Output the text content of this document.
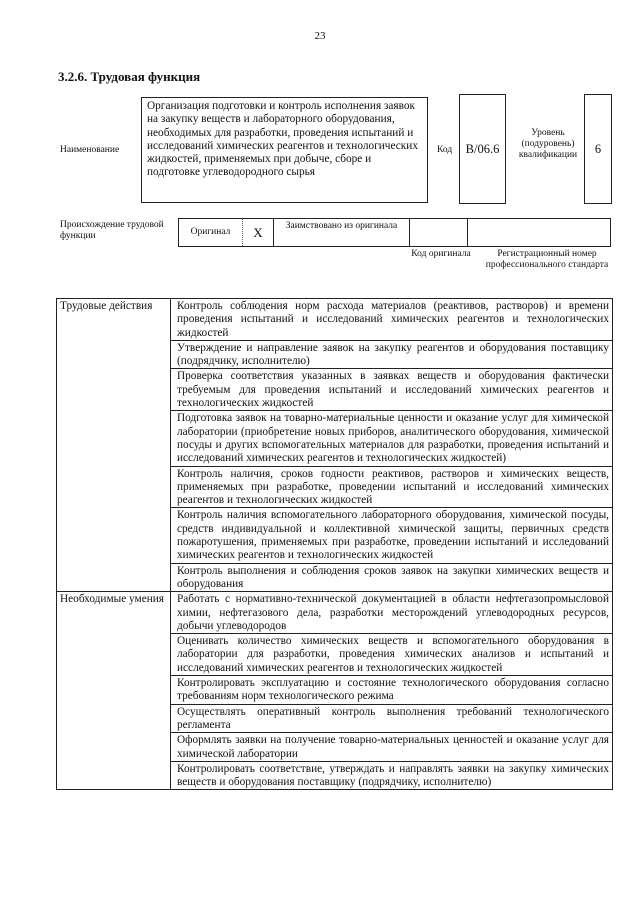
23
3.2.6. Трудовая функция
Наименование
Организация подготовки и контроль исполнения заявок на закупку веществ и лабораторного оборудования, необходимых для разработки, проведения испытаний и исследований химических реагентов и технологических жидкостей, применяемых при добыче, сборе и подготовке углеводородного сырья
Код	B/06.6
Уровень (подуровень) квалификации	6
Происхождение трудовой функции	Оригинал	X	Заимствовано из оригинала
Код оригинала	Регистрационный номер профессионального стандарта
Трудовые действия	Контроль соблюдения норм расхода материалов (реактивов, растворов) и времени проведения испытаний и исследований химических реагентов и технологических жидкостей
	Утверждение и направление заявок на закупку реагентов и оборудования поставщику (подрядчику, исполнителю)
	Проверка соответствия указанных в заявках веществ и оборудования фактически требуемым для проведения испытаний и исследований химических реагентов и технологических жидкостей
	Подготовка заявок на товарно-материальные ценности и оказание услуг для химической лаборатории (приобретение новых приборов, аналитического оборудования, химической посуды и других вспомогательных материалов для разработки, проведения испытаний и исследований химических реагентов и технологических жидкостей)
	Контроль наличия, сроков годности реактивов, растворов и химических веществ, применяемых при разработке, проведении испытаний и исследований химических реагентов и технологических жидкостей
	Контроль наличия вспомогательного лабораторного оборудования, химической посуды, средств индивидуальной и коллективной химической защиты, первичных средств пожаротушения, применяемых при разработке, проведении испытаний и исследований химических реагентов и технологических жидкостей
	Контроль выполнения и соблюдения сроков заявок на закупки химических веществ и оборудования
Необходимые умения	Работать с нормативно-технической документацией в области нефтегазопромысловой химии, нефтегазового дела, разработки месторождений углеводородных ресурсов, добычи углеводородов
	Оценивать количество химических веществ и вспомогательного оборудования в лаборатории для разработки, проведения химических анализов и испытаний и исследований химических реагентов и технологических жидкостей
	Контролировать эксплуатацию и состояние технологического оборудования согласно требованиям норм технологического режима
	Осуществлять оперативный контроль выполнения требований технологического регламента
	Оформлять заявки на получение товарно-материальных ценностей и оказание услуг для химической лаборатории
	Контролировать соответствие, утверждать и направлять заявки на закупку химических веществ и оборудования поставщику (подрядчику, исполнителю)
